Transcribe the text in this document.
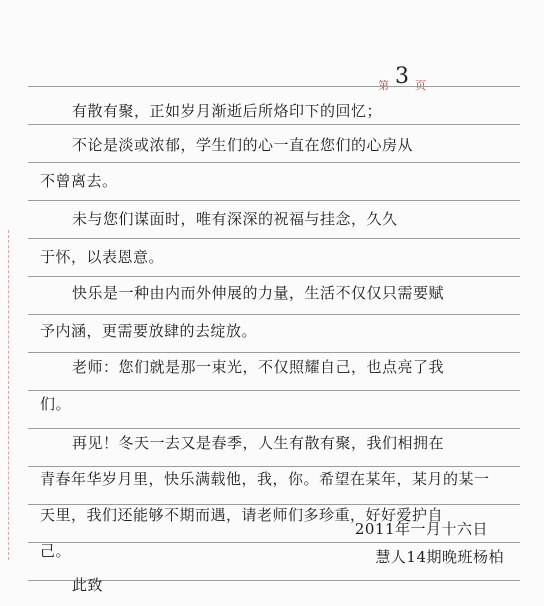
第 3 页
有散有聚，正如岁月渐逝后所烙印下的回忆；
不论是淡或浓郁，学生们的心一直在您们的心房从
不曾离去。
未与您们谋面时，唯有深深的祝福与挂念，久久
于怀，以表恩意。
快乐是一种由内而外伸展的力量，生活不仅仅只需要赋
予内涵，更需要放肆的去绽放。
老师：您们就是那一束光，不仅照耀自己，也点亮了我
们。
再见！冬天一去又是春季，人生有散有聚，我们相拥在
青春年华岁月里，快乐满载他，我，你。希望在某年，某月的某一
天里，我们还能够不期而遇，请老师们多珍重，好好爱护自
己。
此致
2011年一月十六日
慧人14期晚班杨柏
